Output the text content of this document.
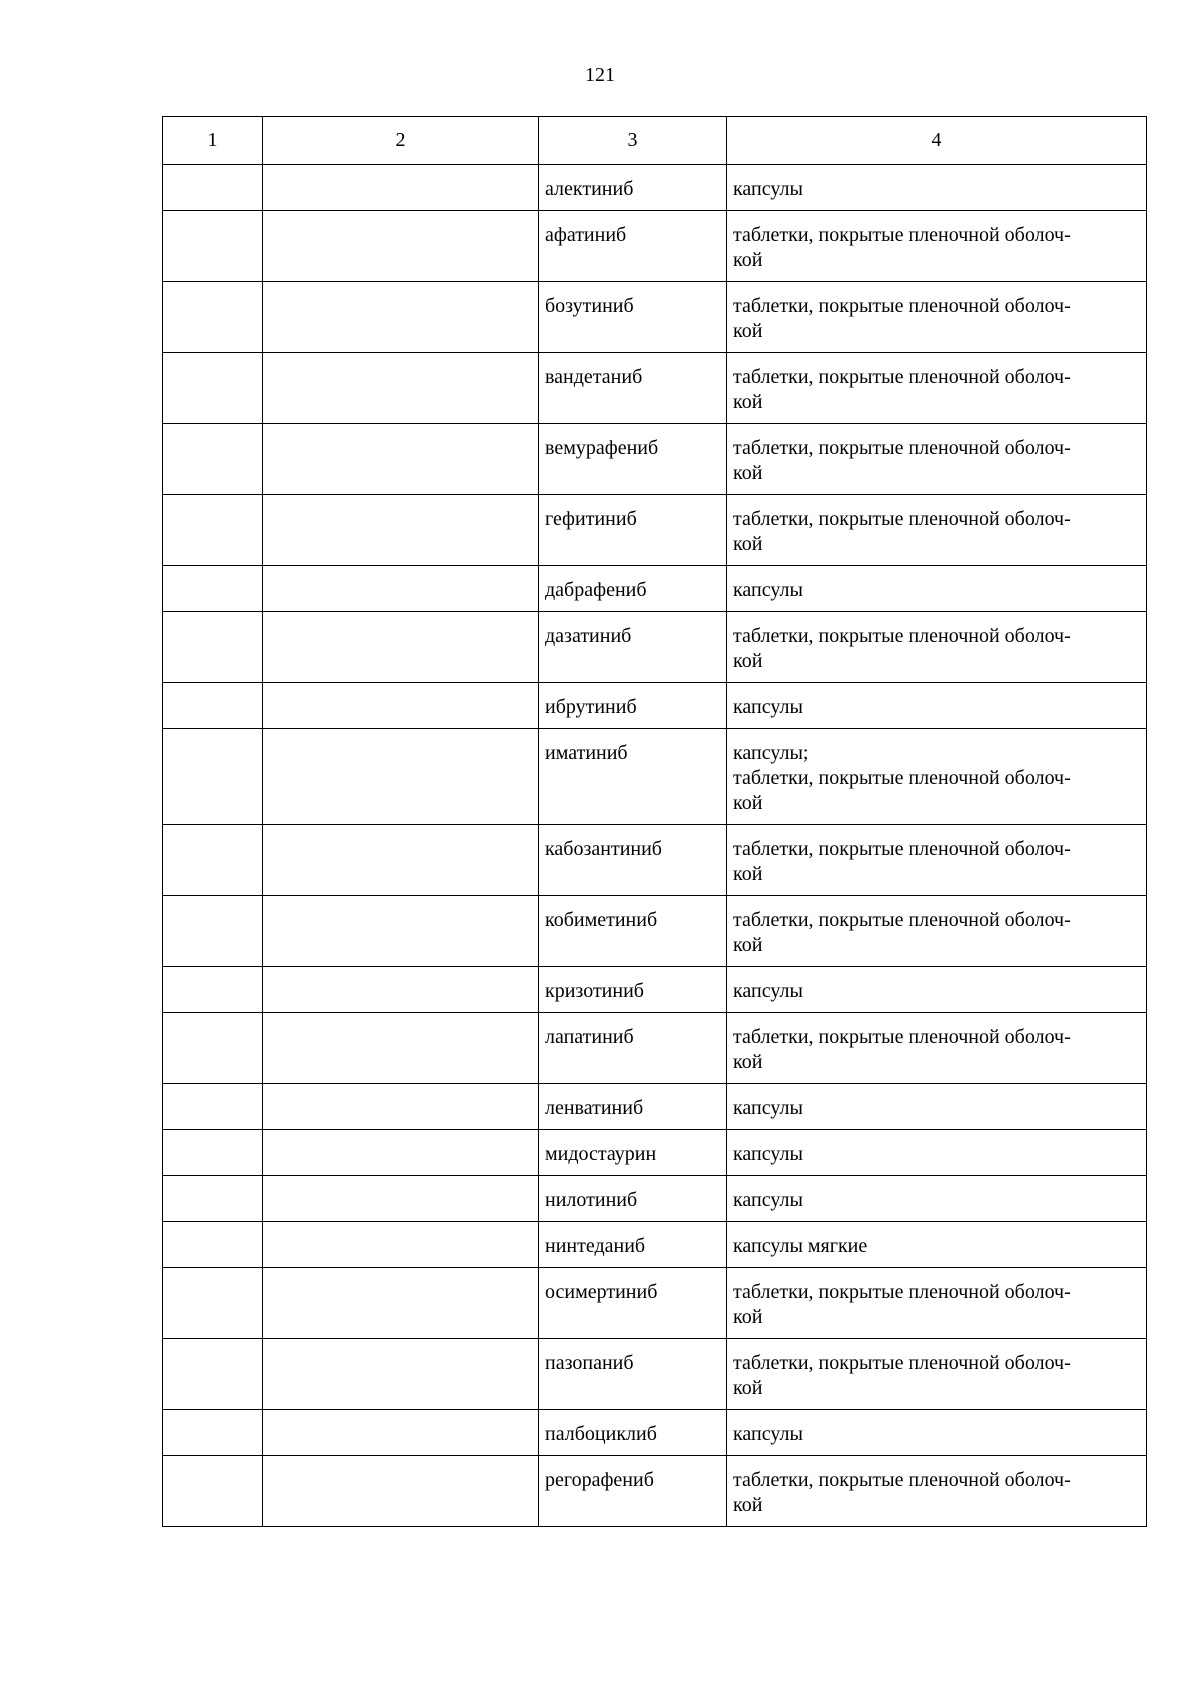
121
1	2	3	4
		алектиниб	капсулы

		афатиниб	таблетки, покрытые пленочной оболоч-
кой

		бозутиниб	таблетки, покрытые пленочной оболоч-
кой

		вандетаниб	таблетки, покрытые пленочной оболоч-
кой

		вемурафениб	таблетки, покрытые пленочной оболоч-
кой

		гефитиниб	таблетки, покрытые пленочной оболоч-
кой

		дабрафениб	капсулы

		дазатиниб	таблетки, покрытые пленочной оболоч-
кой

		ибрутиниб	капсулы

		иматиниб	капсулы;
таблетки, покрытые пленочной оболоч-
кой

		кабозантиниб	таблетки, покрытые пленочной оболоч-
кой

		кобиметиниб	таблетки, покрытые пленочной оболоч-
кой

		кризотиниб	капсулы

		лапатиниб	таблетки, покрытые пленочной оболоч-
кой

		ленватиниб	капсулы

		мидостаурин	капсулы

		нилотиниб	капсулы

		нинтеданиб	капсулы мягкие

		осимертиниб	таблетки, покрытые пленочной оболоч-
кой

		пазопаниб	таблетки, покрытые пленочной оболоч-
кой

		палбоциклиб	капсулы

		регорафениб	таблетки, покрытые пленочной оболоч-
кой
